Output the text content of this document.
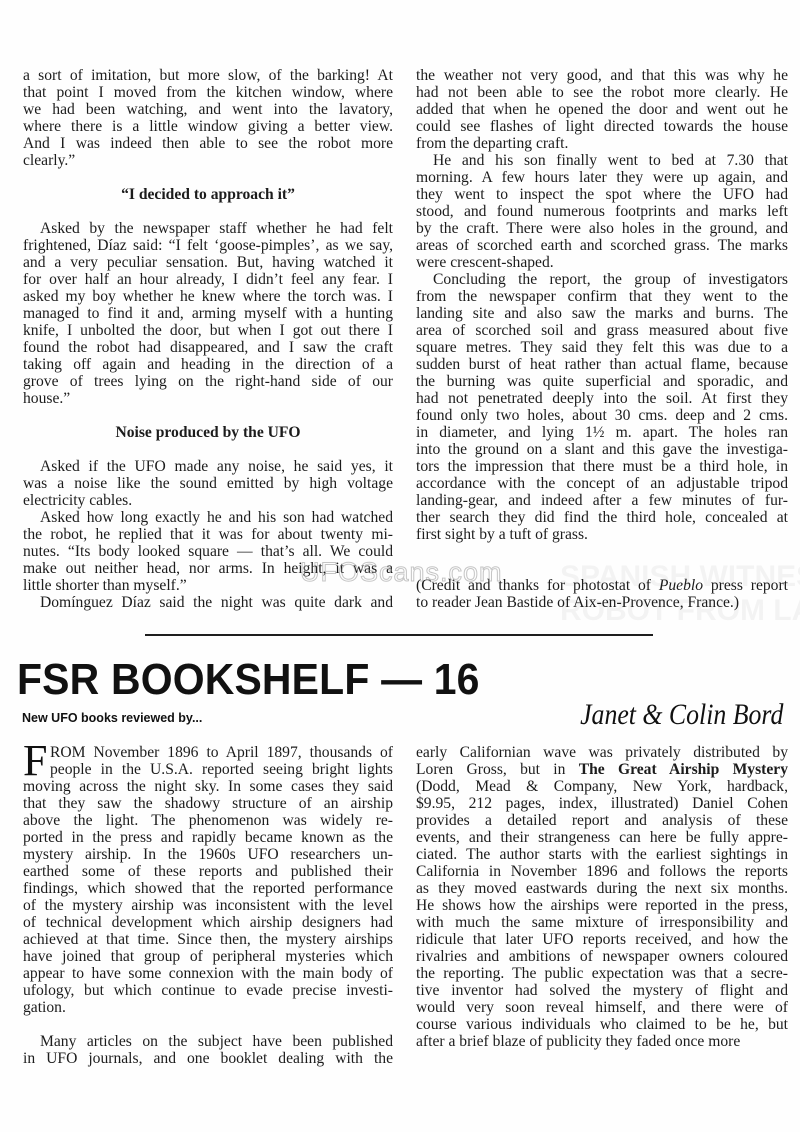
a sort of imitation, but more slow, of the barking! At
that point I moved from the kitchen window, where
we had been watching, and went into the lavatory,
where there is a little window giving a better view.
And I was indeed then able to see the robot more
clearly.”
“I decided to approach it”
Asked by the newspaper staff whether he had felt
frightened, Díaz said: “I felt ‘goose-pimples’, as we say,
and a very peculiar sensation. But, having watched it
for over half an hour already, I didn’t feel any fear. I
asked my boy whether he knew where the torch was. I
managed to find it and, arming myself with a hunting
knife, I unbolted the door, but when I got out there I
found the robot had disappeared, and I saw the craft
taking off again and heading in the direction of a
grove of trees lying on the right-hand side of our
house.”
Noise produced by the UFO
Asked if the UFO made any noise, he said yes, it
was a noise like the sound emitted by high voltage
electricity cables.
Asked how long exactly he and his son had watched
the robot, he replied that it was for about twenty mi-
nutes. “Its body looked square — that’s all. We could
make out neither head, nor arms. In height, it was a
little shorter than myself.”
Domínguez Díaz said the night was quite dark and
the weather not very good, and that this was why he
had not been able to see the robot more clearly. He
added that when he opened the door and went out he
could see flashes of light directed towards the house
from the departing craft.
He and his son finally went to bed at 7.30 that
morning. A few hours later they were up again, and
they went to inspect the spot where the UFO had
stood, and found numerous footprints and marks left
by the craft. There were also holes in the ground, and
areas of scorched earth and scorched grass. The marks
were crescent-shaped.
Concluding the report, the group of investigators
from the newspaper confirm that they went to the
landing site and also saw the marks and burns. The
area of scorched soil and grass measured about five
square metres. They said they felt this was due to a
sudden burst of heat rather than actual flame, because
the burning was quite superficial and sporadic, and
had not penetrated deeply into the soil. At first they
found only two holes, about 30 cms. deep and 2 cms.
in diameter, and lying 1½ m. apart. The holes ran
into the ground on a slant and this gave the investiga-
tors the impression that there must be a third hole, in
accordance with the concept of an adjustable tripod
landing-gear, and indeed after a few minutes of fur-
ther search they did find the third hole, concealed at
first sight by a tuft of grass.
(Credit and thanks for photostat of Pueblo press report
to reader Jean Bastide of Aix-en-Provence, France.)
UFOScans.com
FSR BOOKSHELF — 16
New UFO books reviewed by...	Janet & Colin Bord
F ROM November 1896 to April 1897, thousands of
people in the U.S.A. reported seeing bright lights
moving across the night sky. In some cases they said
that they saw the shadowy structure of an airship
above the light. The phenomenon was widely re-
ported in the press and rapidly became known as the
mystery airship. In the 1960s UFO researchers un-
earthed some of these reports and published their
findings, which showed that the reported performance
of the mystery airship was inconsistent with the level
of technical development which airship designers had
achieved at that time. Since then, the mystery airships
have joined that group of peripheral mysteries which
appear to have some connexion with the main body of
ufology, but which continue to evade precise investi-
gation.
Many articles on the subject have been published
in UFO journals, and one booklet dealing with the
early Californian wave was privately distributed by
Loren Gross, but in The Great Airship Mystery
(Dodd, Mead & Company, New York, hardback,
$9.95, 212 pages, index, illustrated) Daniel Cohen
provides a detailed report and analysis of these
events, and their strangeness can here be fully appre-
ciated. The author starts with the earliest sightings in
California in November 1896 and follows the reports
as they moved eastwards during the next six months.
He shows how the airships were reported in the press,
with much the same mixture of irresponsibility and
ridicule that later UFO reports received, and how the
rivalries and ambitions of newspaper owners coloured
the reporting. The public expectation was that a secre-
tive inventor had solved the mystery of flight and
would very soon reveal himself, and there were of
course various individuals who claimed to be he, but
after a brief blaze of publicity they faded once more
